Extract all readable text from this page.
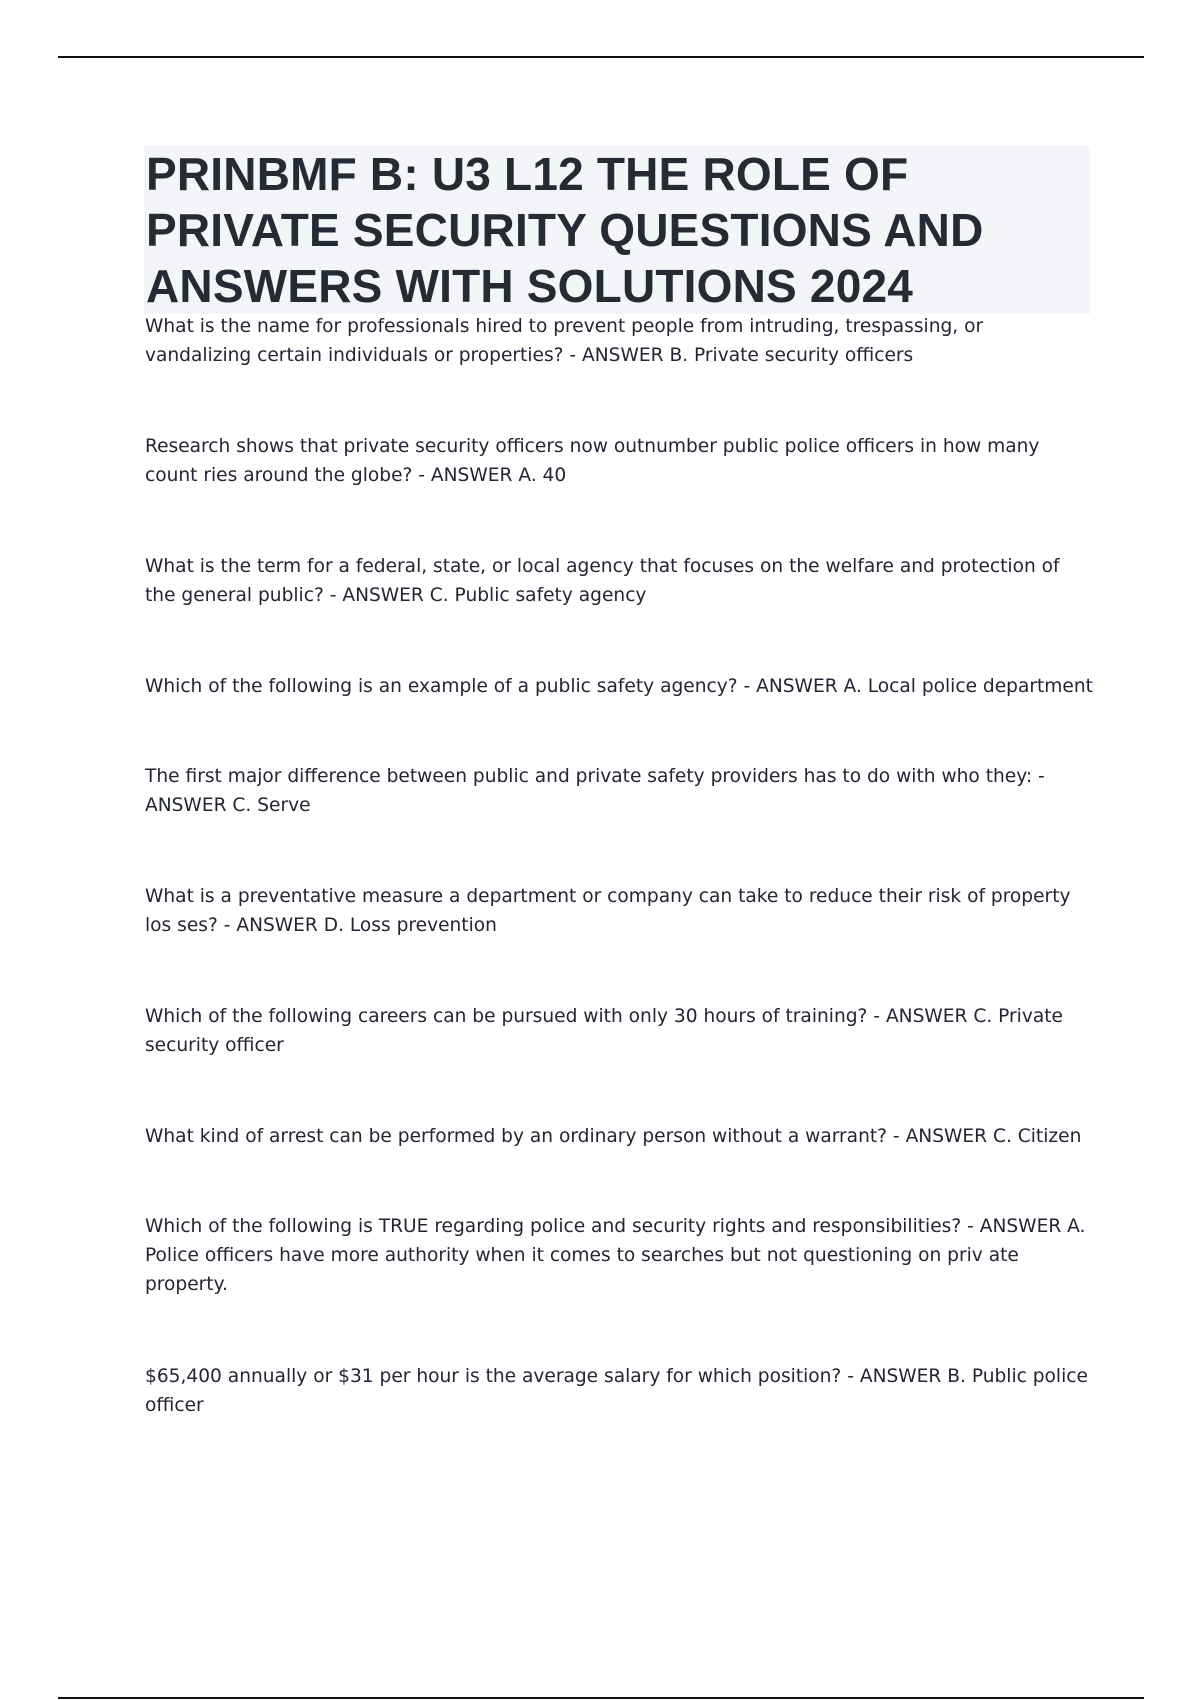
PRINBMF B: U3 L12 THE ROLE OF PRIVATE SECURITY QUESTIONS AND ANSWERS WITH SOLUTIONS 2024

What is the name for professionals hired to prevent people from intruding, trespassing, or vandalizing certain individuals or properties? - ANSWER B. Private security officers

Research shows that private security officers now outnumber public police officers in how many count ries around the globe? - ANSWER A. 40

What is the term for a federal, state, or local agency that focuses on the welfare and protection of the general public? - ANSWER C. Public safety agency

Which of the following is an example of a public safety agency? - ANSWER A. Local police department

The first major difference between public and private safety providers has to do with who they: - ANSWER C. Serve

What is a preventative measure a department or company can take to reduce their risk of property los ses? - ANSWER D. Loss prevention

Which of the following careers can be pursued with only 30 hours of training? - ANSWER C. Private security officer

What kind of arrest can be performed by an ordinary person without a warrant? - ANSWER C. Citizen

Which of the following is TRUE regarding police and security rights and responsibilities? - ANSWER A. Police officers have more authority when it comes to searches but not questioning on priv ate property.

$65,400 annually or $31 per hour is the average salary for which position? - ANSWER B. Public police officer
